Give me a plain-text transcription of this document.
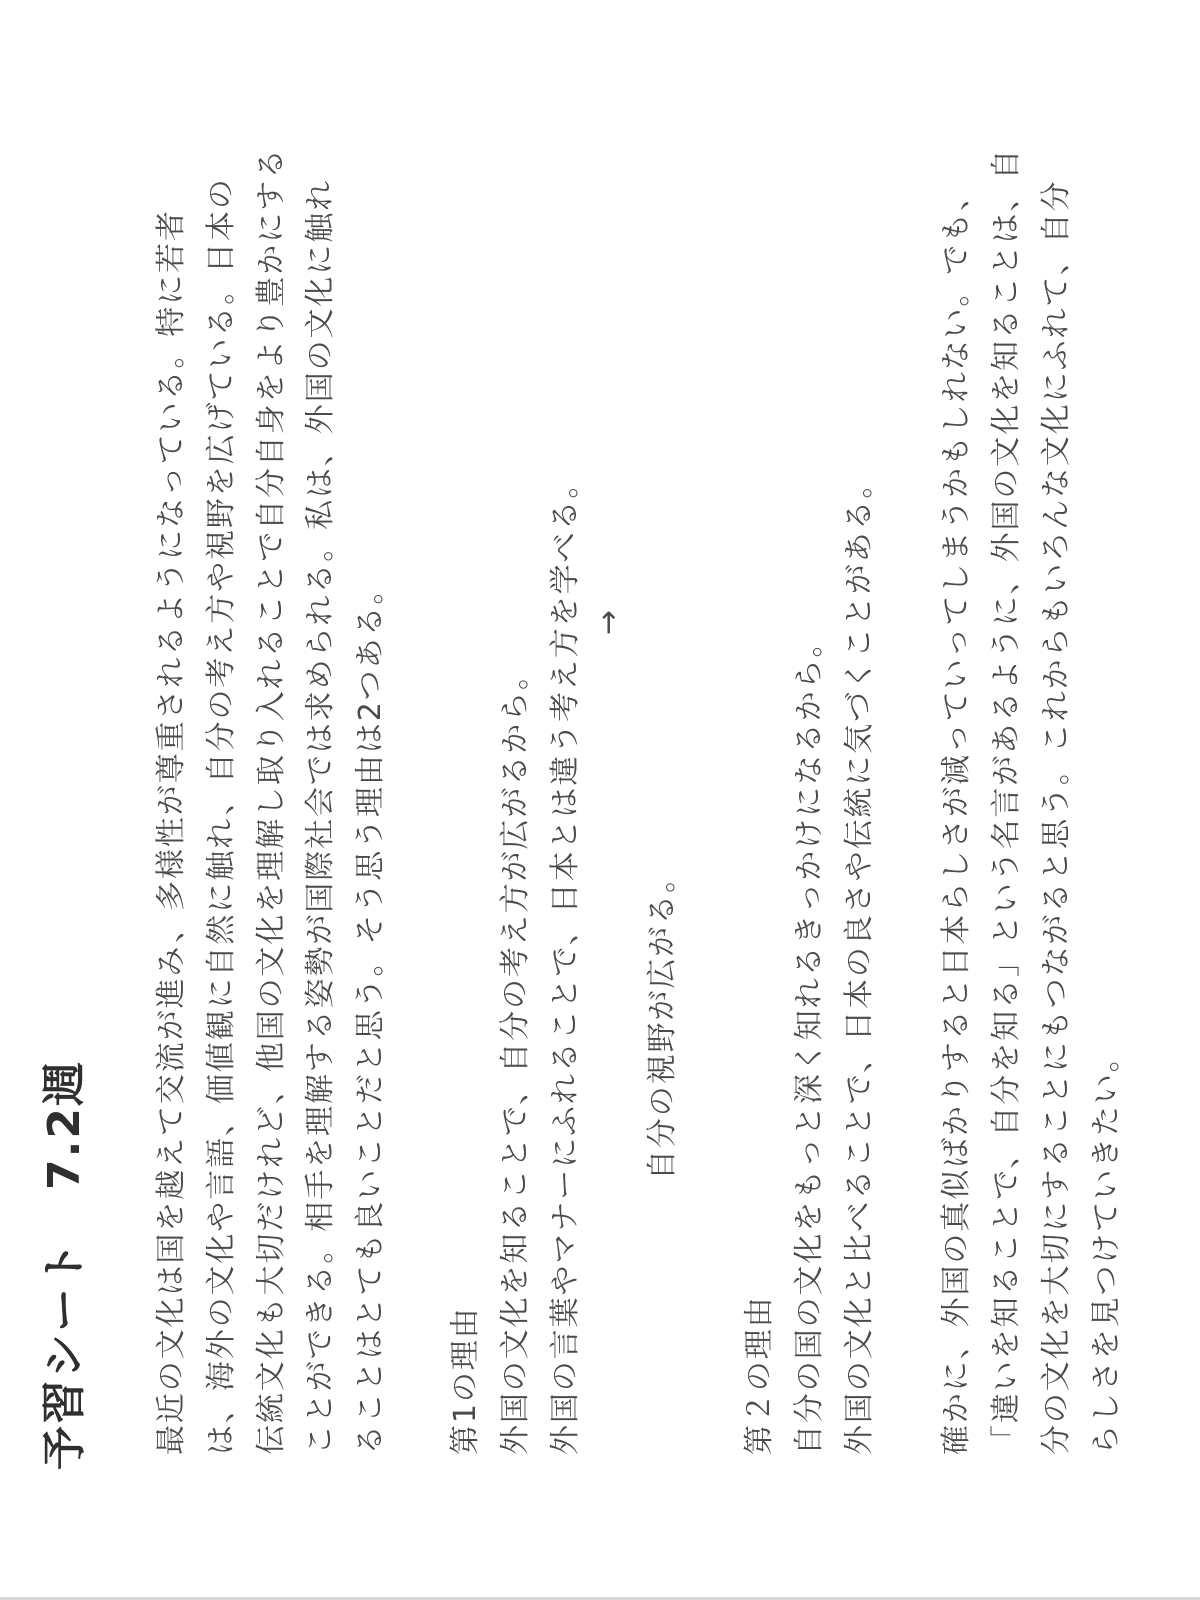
予習シート7.2週 最近の文化は国を越えて交流が進み、多様性が尊重されるようになっている。特に若者 は、海外の文化や言語、価値観に自然に触れ、自分の考え方や視野を広げている。日本の 伝統文化も大切だけれど、他国の文化を理解し取り入れることで自分自身をより豊かにする ことができる。相手を理解する姿勢が国際社会では求められる。私は、外国の文化に触れ ることはとても良いことだと思う。そう思う理由は2つある。 第1の理由 外国の文化を知ることで、自分の考え方が広がるから。 外国の言葉やマナーにふれることで、日本とは違う考え方を学べる。 →
自分の視野が広がる。
第２の理由 自分の国の文化をもっと深く知れるきっかけになるから。 外国の文化と比べることで、日本の良さや伝統に気づくことがある。 確かに、外国の真似ばかりすると日本らしさが減っていってしまうかもしれない。でも、 「違いを知ることで、自分を知る」という名言があるように、外国の文化を知ることは、自 分の文化を大切にすることにもつながると思う。これからもいろんな文化にふれて、自分 らしさを見つけていきたい。
